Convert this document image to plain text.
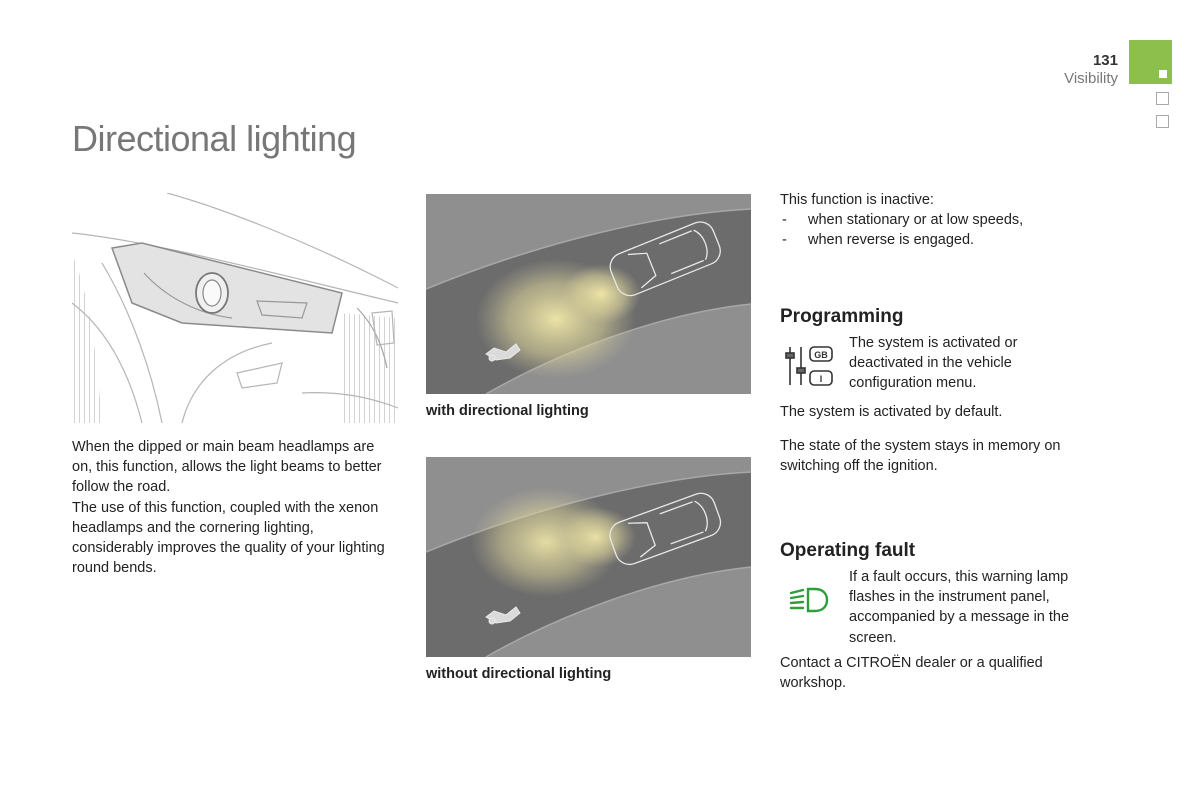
131
Visibility
Directional lighting
When the dipped or main beam headlamps are on, this function, allows the light beams to better follow the road.
The use of this function, coupled with the xenon headlamps and the cornering lighting, considerably improves the quality of your lighting round bends.
with directional lighting
without directional lighting
This function is inactive:
- when stationary or at low speeds,
- when reverse is engaged.
Programming
GB
I
The system is activated or deactivated in the vehicle configuration menu.
The system is activated by default.
The state of the system stays in memory on switching off the ignition.
Operating fault
If a fault occurs, this warning lamp flashes in the instrument panel, accompanied by a message in the screen.
Contact a CITROËN dealer or a qualified workshop.
